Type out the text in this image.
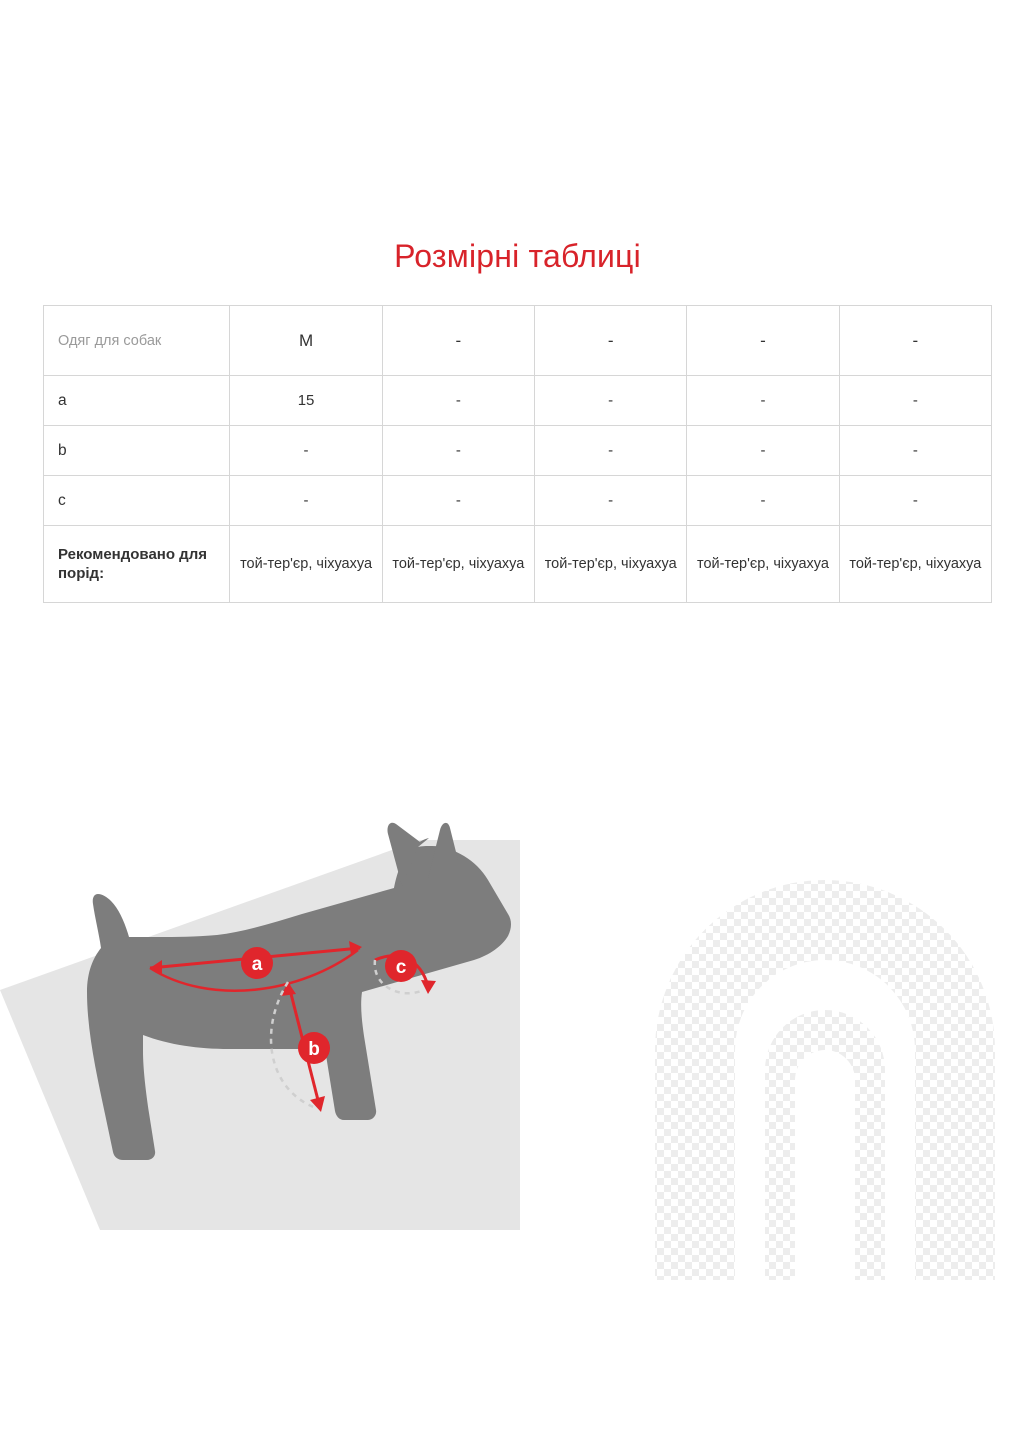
Розмірні таблиці
Одяг для собак	M	-	-	-	-
a	15	-	-	-	-
b	-	-	-	-	-
c	-	-	-	-	-
Рекомендовано для порід:	той-тер'єр, чіхуахуа	той-тер'єр, чіхуахуа	той-тер'єр, чіхуахуа	той-тер'єр, чіхуахуа	той-тер'єр, чіхуахуа
a	c
b
